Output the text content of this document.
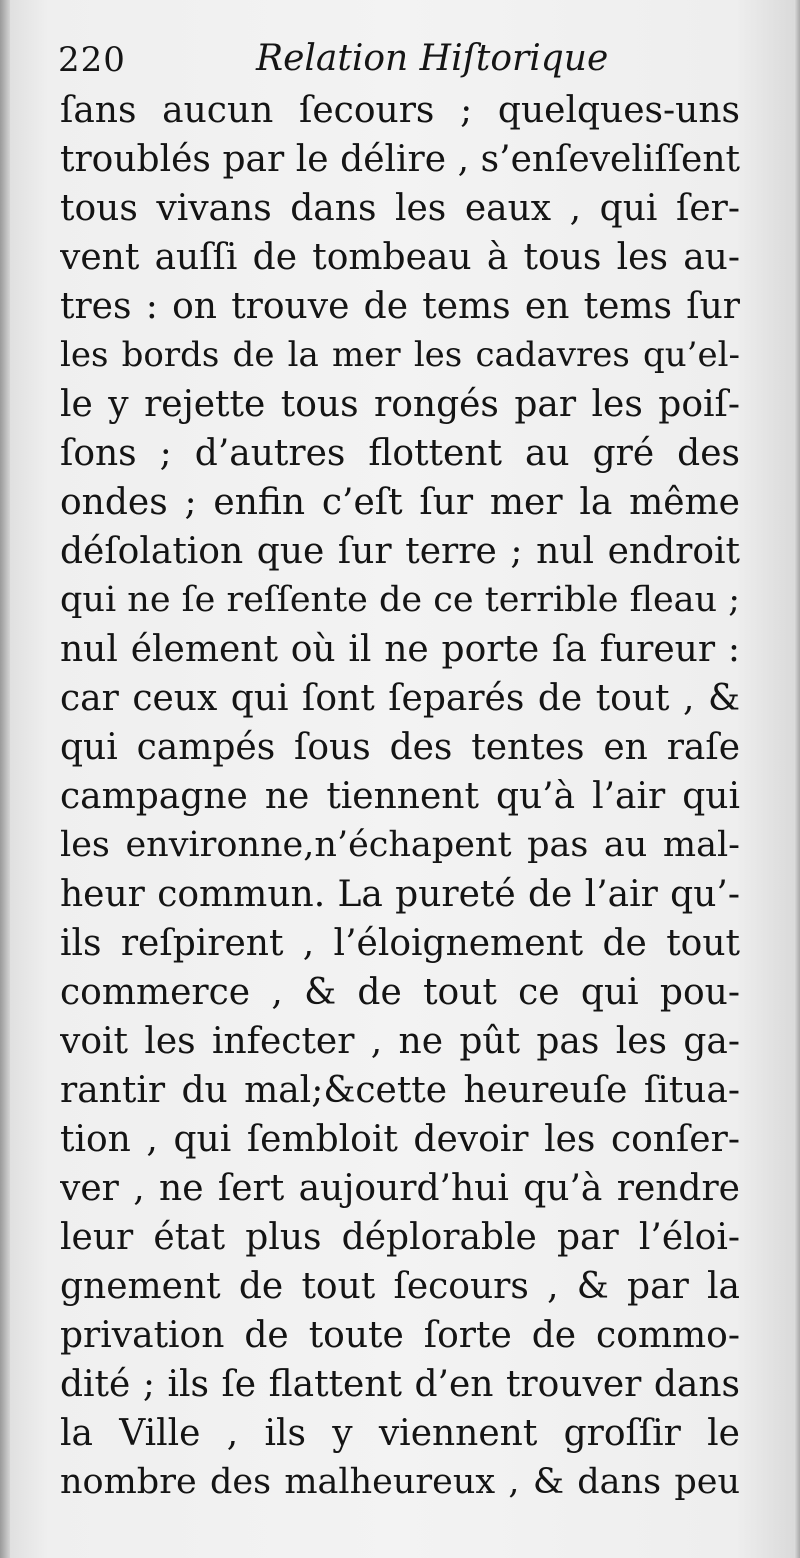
220	Relation Hiſtorique
ſans aucun ſecours ; quelques-uns
troublés par le délire , s’enſeveliſſent
tous vivans dans les eaux , qui ſer-
vent auſſi de tombeau à tous les au-
tres : on trouve de tems en tems ſur
les bords de la mer les cadavres qu’el-
le y rejette tous rongés par les poiſ-
ſons ; d’autres flottent au gré des
ondes ; enfin c’eſt ſur mer la même
déſolation que ſur terre ; nul endroit
qui ne ſe reſſente de ce terrible fleau ;
nul élement où il ne porte ſa fureur :
car ceux qui ſont ſeparés de tout , &
qui campés ſous des tentes en raſe
campagne ne tiennent qu’à l’air qui
les environne,n’échapent pas au mal-
heur commun. La pureté de l’air qu’-
ils reſpirent , l’éloignement de tout
commerce , & de tout ce qui pou-
voit les infecter , ne pût pas les ga-
rantir du mal;&cette heureuſe ſitua-
tion , qui ſembloit devoir les conſer-
ver , ne ſert aujourd’hui qu’à rendre
leur état plus déplorable par l’éloi-
gnement de tout ſecours , & par la
privation de toute ſorte de commo-
dité ; ils ſe flattent d’en trouver dans
la Ville , ils y viennent groſſir le
nombre des malheureux , & dans peu
